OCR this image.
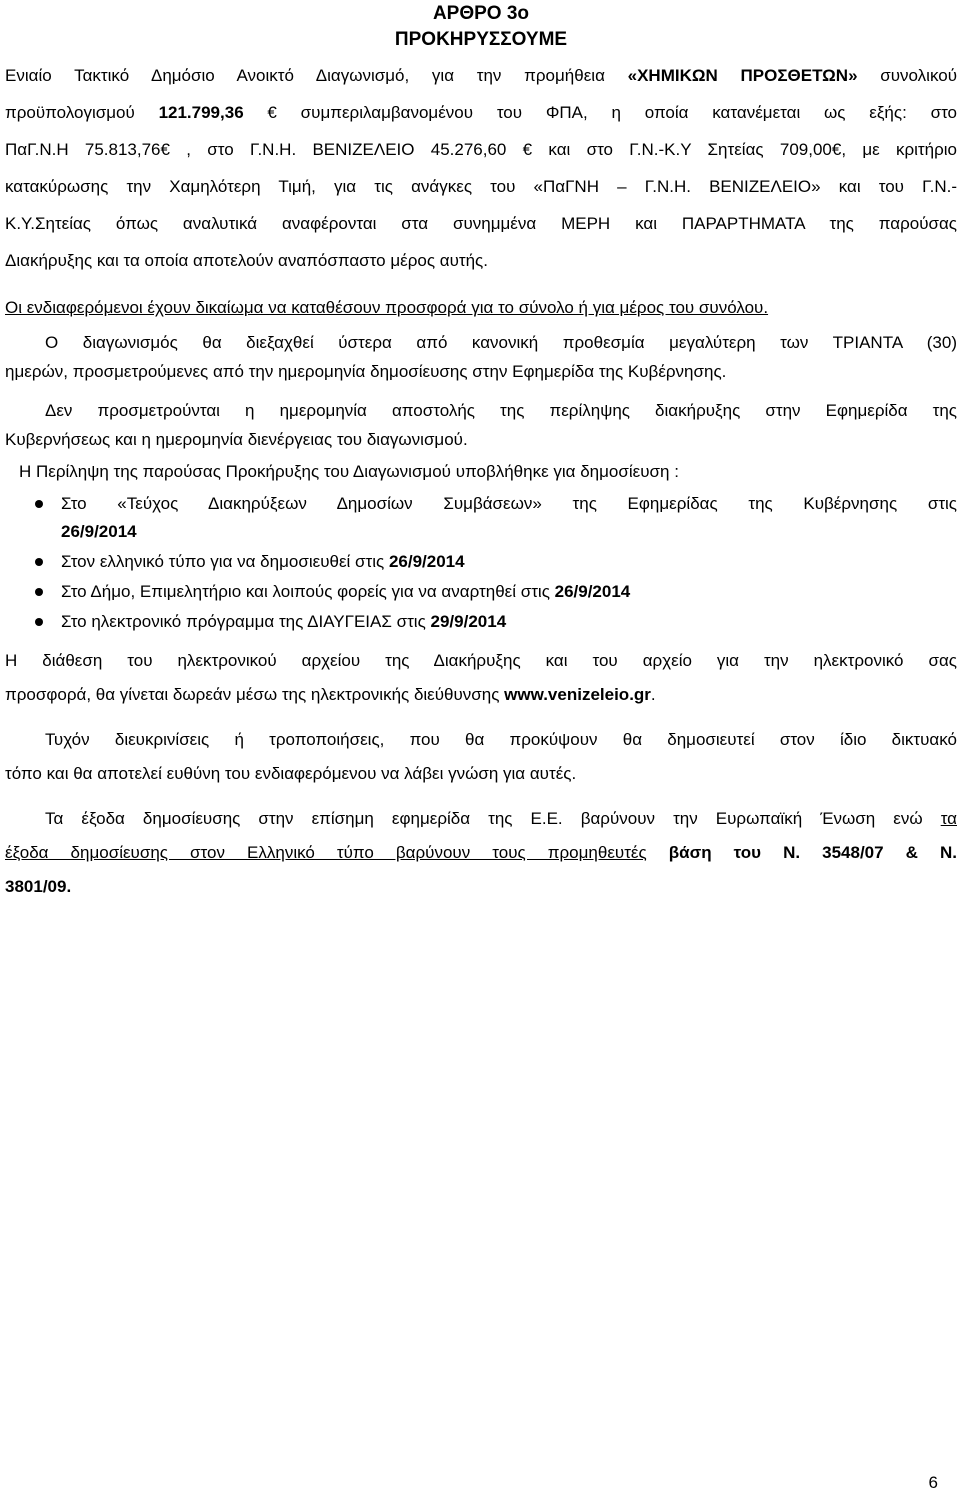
ΑΡΘΡΟ 3ο
ΠΡΟΚΗΡΥΣΣΟΥΜΕ
Ενιαίο Τακτικό Δημόσιο Ανοικτό Διαγωνισμό, για την προμήθεια «ΧΗΜΙΚΩΝ ΠΡΟΣΘΕΤΩΝ» συνολικού
προϋπολογισμού 121.799,36 € συμπεριλαμβανομένου του ΦΠΑ, η οποία κατανέμεται ως εξής: στο
ΠαΓ.Ν.Η 75.813,76€ , στο Γ.Ν.Η. ΒΕΝΙΖΕΛΕΙΟ 45.276,60 € και στο Γ.Ν.-Κ.Υ Σητείας 709,00€, με κριτήριο
κατακύρωσης την Χαμηλότερη Τιμή, για τις ανάγκες του «ΠαΓΝΗ – Γ.Ν.Η. ΒΕΝΙΖΕΛΕΙΟ» και του Γ.Ν.-
Κ.Υ.Σητείας όπως αναλυτικά αναφέρονται στα συνημμένα ΜΕΡΗ και ΠΑΡΑΡΤΗΜΑΤΑ της παρούσας
Διακήρυξης και τα οποία αποτελούν αναπόσπαστο μέρος αυτής.

Οι ενδιαφερόμενοι έχουν δικαίωμα να καταθέσουν προσφορά για το σύνολο ή για μέρος του συνόλου.

Ο διαγωνισμός θα διεξαχθεί ύστερα από κανονική προθεσμία μεγαλύτερη των ΤΡΙΑΝΤΑ (30)
ημερών, προσμετρούμενες από την ημερομηνία δημοσίευσης στην Εφημερίδα της Κυβέρνησης.
Δεν προσμετρούνται η ημερομηνία αποστολής της περίληψης διακήρυξης στην Εφημερίδα της
Κυβερνήσεως και η ημερομηνία διενέργειας του διαγωνισμού.

Η Περίληψη της παρούσας Προκήρυξης του Διαγωνισμού υποβλήθηκε για δημοσίευση :

Στο «Τεύχος Διακηρύξεων Δημοσίων Συμβάσεων» της Εφημερίδας της Κυβέρνησης στις
26/9/2014
Στον ελληνικό τύπο για να δημοσιευθεί στις 26/9/2014
Στο Δήμο, Επιμελητήριο και λοιπούς φορείς για να αναρτηθεί στις 26/9/2014
Στο ηλεκτρονικό πρόγραμμα της ΔΙΑΥΓΕΙΑΣ στις 29/9/2014
Η διάθεση του ηλεκτρονικού αρχείου της Διακήρυξης και του αρχείο για την ηλεκτρονικό σας
προσφορά, θα γίνεται δωρεάν μέσω της ηλεκτρονικής διεύθυνσης www.venizeleio.gr.
Τυχόν διευκρινίσεις ή τροποποιήσεις, που θα προκύψουν θα δημοσιευτεί στον ίδιο δικτυακό
τόπο και θα αποτελεί ευθύνη του ενδιαφερόμενου να λάβει γνώση για αυτές.
Τα έξοδα δημοσίευσης στην επίσημη εφημερίδα της Ε.Ε. βαρύνουν την Ευρωπαϊκή Ένωση ενώ τα
έξοδα δημοσίευσης στον Ελληνικό τύπο βαρύνουν τους προμηθευτές βάση του Ν. 3548/07 & Ν.
3801/09.
6
